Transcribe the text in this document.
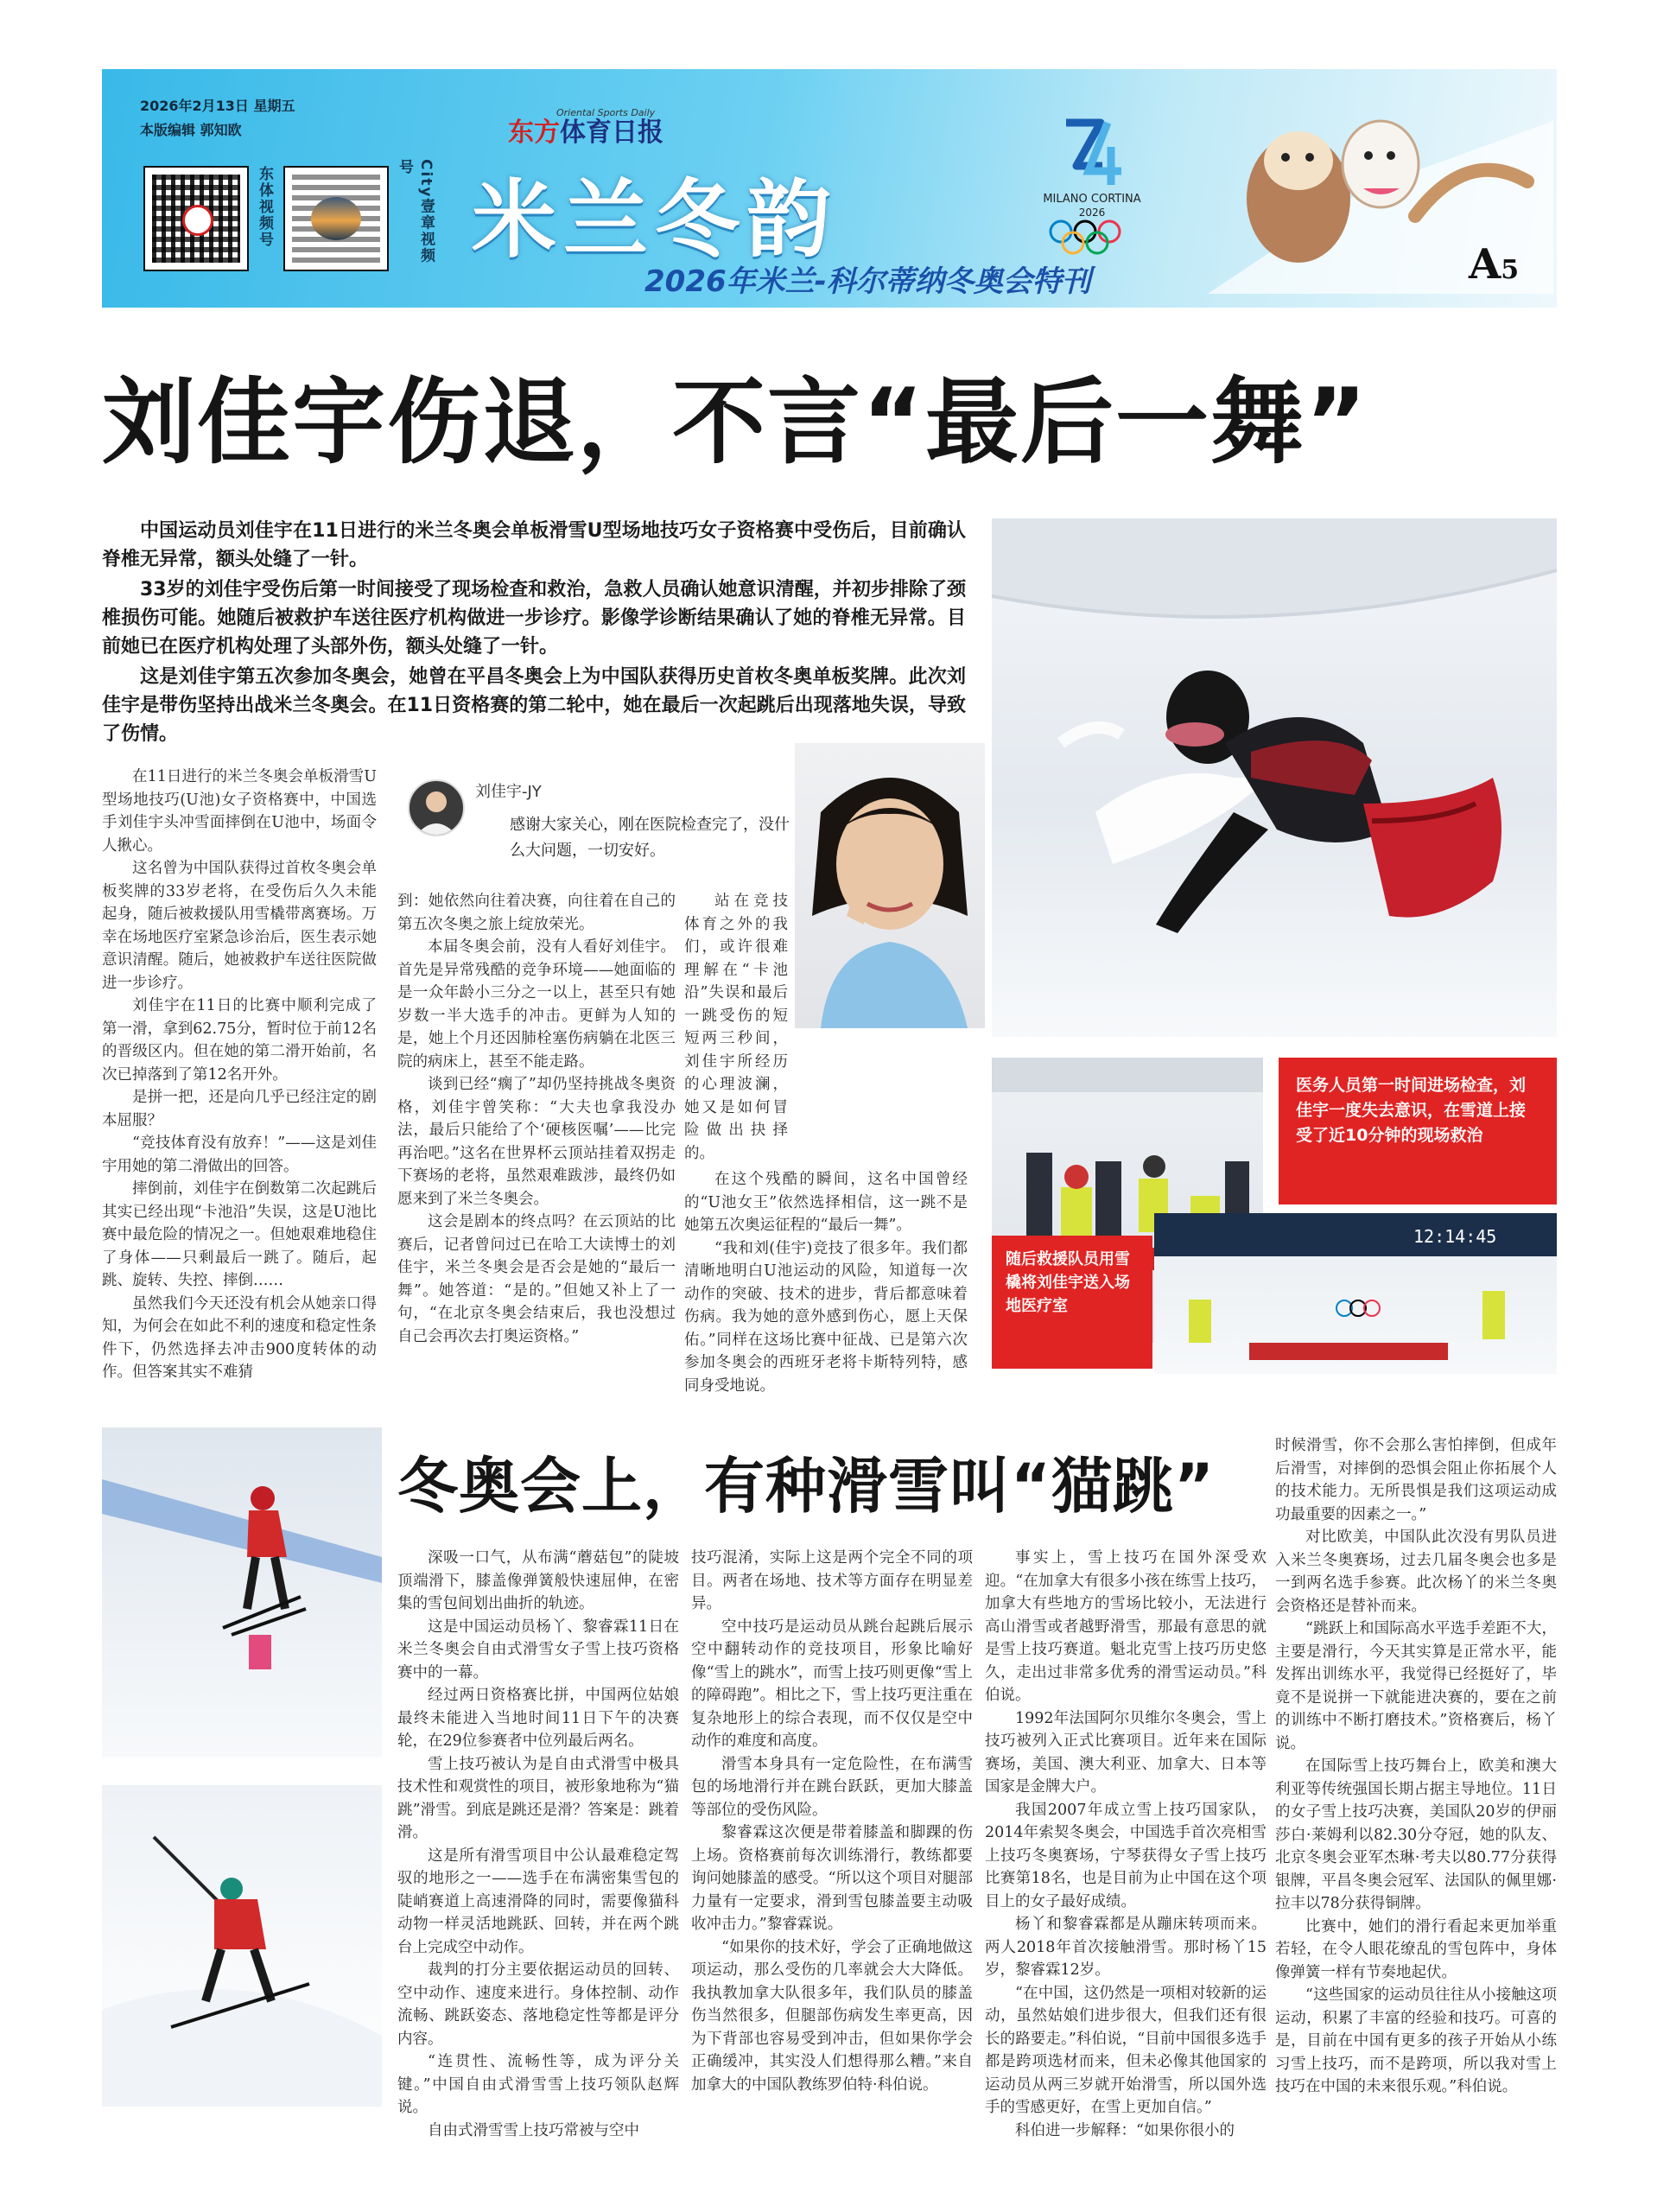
2026年2月13日 星期五
本版编辑 郭知欧
东体视频号	City壹章视频号
东方体育日报
Oriental Sports Daily
米兰冬韵
2026年米兰-科尔蒂纳冬奥会特刊
MILANO CORTINA
2026
A5
刘佳宇伤退，不言“最后一舞”

中国运动员刘佳宇在11日进行的米兰冬奥会单板滑雪U型场地技巧女子资格赛中受伤后，目前确认脊椎无异常，额头处缝了一针。

33岁的刘佳宇受伤后第一时间接受了现场检查和救治，急救人员确认她意识清醒，并初步排除了颈椎损伤可能。她随后被救护车送往医疗机构做进一步诊疗。影像学诊断结果确认了她的脊椎无异常。目前她已在医疗机构处理了头部外伤，额头处缝了一针。

这是刘佳宇第五次参加冬奥会，她曾在平昌冬奥会上为中国队获得历史首枚冬奥单板奖牌。此次刘佳宇是带伤坚持出战米兰冬奥会。在11日资格赛的第二轮中，她在最后一次起跳后出现落地失误，导致了伤情。

在11日进行的米兰冬奥会单板滑雪U型场地技巧(U池)女子资格赛中，中国选手刘佳宇头冲雪面摔倒在U池中，场面令人揪心。

这名曾为中国队获得过首枚冬奥会单板奖牌的33岁老将，在受伤后久久未能起身，随后被救援队用雪橇带离赛场。万幸在场地医疗室紧急诊治后，医生表示她意识清醒。随后，她被救护车送往医院做进一步诊疗。

刘佳宇在11日的比赛中顺利完成了第一滑，拿到62.75分，暂时位于前12名的晋级区内。但在她的第二滑开始前，名次已掉落到了第12名开外。

是拼一把，还是向几乎已经注定的剧本屈服？

“竞技体育没有放弃！”——这是刘佳宇用她的第二滑做出的回答。

摔倒前，刘佳宇在倒数第二次起跳后其实已经出现“卡池沿”失误，这是U池比赛中最危险的情况之一。但她艰难地稳住了身体——只剩最后一跳了。随后，起跳、旋转、失控、摔倒……

虽然我们今天还没有机会从她亲口得知，为何会在如此不利的速度和稳定性条件下，仍然选择去冲击900度转体的动作。但答案其实不难猜

刘佳宇-JY
感谢大家关心，刚在医院检查完了，没什么大问题，一切安好。

到：她依然向往着决赛，向往着在自己的第五次冬奥之旅上绽放荣光。

本届冬奥会前，没有人看好刘佳宇。首先是异常残酷的竞争环境——她面临的是一众年龄小三分之一以上，甚至只有她岁数一半大选手的冲击。更鲜为人知的是，她上个月还因肺栓塞伤病躺在北医三院的病床上，甚至不能走路。

谈到已经“瘸了”却仍坚持挑战冬奥资格，刘佳宇曾笑称：“大夫也拿我没办法，最后只能给了个‘硬核医嘱’——比完再治吧。”这名在世界杯云顶站挂着双拐走下赛场的老将，虽然艰难跋涉，最终仍如愿来到了米兰冬奥会。

这会是剧本的终点吗？在云顶站的比赛后，记者曾问过已在哈工大读博士的刘佳宇，米兰冬奥会是否会是她的“最后一舞”。她答道：“是的。”但她又补上了一句，“在北京冬奥会结束后，我也没想过自己会再次去打奥运资格。”

站在竞技体育之外的我们，或许很难理解在“卡池沿”失误和最后一跳受伤的短短两三秒间，刘佳宇所经历的心理波澜，她又是如何冒险做出抉择的。

在这个残酷的瞬间，这名中国曾经的“U池女王”依然选择相信，这一跳不是她第五次奥运征程的“最后一舞”。

“我和刘(佳宇)竞技了很多年。我们都清晰地明白U池运动的风险，知道每一次动作的突破、技术的进步，背后都意味着伤病。我为她的意外感到伤心，愿上天保佑。”同样在这场比赛中征战、已是第六次参加冬奥会的西班牙老将卡斯特列特，感同身受地说。

医务人员第一时间进场检查，刘佳宇一度失去意识，在雪道上接受了近10分钟的现场救治
随后救援队员用雪橇将刘佳宇送入场地医疗室
12:14:45
冬奥会上，有种滑雪叫“猫跳”

深吸一口气，从布满“蘑菇包”的陡坡顶端滑下，膝盖像弹簧般快速屈伸，在密集的雪包间划出曲折的轨迹。

这是中国运动员杨丫、黎睿霖11日在米兰冬奥会自由式滑雪女子雪上技巧资格赛中的一幕。

经过两日资格赛比拼，中国两位姑娘最终未能进入当地时间11日下午的决赛轮，在29位参赛者中位列最后两名。

雪上技巧被认为是自由式滑雪中极具技术性和观赏性的项目，被形象地称为“猫跳”滑雪。到底是跳还是滑？答案是：跳着滑。

这是所有滑雪项目中公认最难稳定驾驭的地形之一——选手在布满密集雪包的陡峭赛道上高速滑降的同时，需要像猫科动物一样灵活地跳跃、回转，并在两个跳台上完成空中动作。

裁判的打分主要依据运动员的回转、空中动作、速度来进行。身体控制、动作流畅、跳跃姿态、落地稳定性等都是评分内容。

“连贯性、流畅性等，成为评分关键。”中国自由式滑雪雪上技巧领队赵辉说。

自由式滑雪雪上技巧常被与空中

技巧混淆，实际上这是两个完全不同的项目。两者在场地、技术等方面存在明显差异。

空中技巧是运动员从跳台起跳后展示空中翻转动作的竞技项目，形象比喻好像“雪上的跳水”，而雪上技巧则更像“雪上的障碍跑”。相比之下，雪上技巧更注重在复杂地形上的综合表现，而不仅仅是空中动作的难度和高度。

滑雪本身具有一定危险性，在布满雪包的场地滑行并在跳台跃跃，更加大膝盖等部位的受伤风险。

黎睿霖这次便是带着膝盖和脚踝的伤上场。资格赛前每次训练滑行，教练都要询问她膝盖的感受。“所以这个项目对腿部力量有一定要求，滑到雪包膝盖要主动吸收冲击力。”黎睿霖说。

“如果你的技术好，学会了正确地做这项运动，那么受伤的几率就会大大降低。我执教加拿大队很多年，我们队员的膝盖伤当然很多，但腿部伤病发生率更高，因为下背部也容易受到冲击，但如果你学会正确缓冲，其实没人们想得那么糟。”来自加拿大的中国队教练罗伯特·科伯说。

事实上，雪上技巧在国外深受欢迎。“在加拿大有很多小孩在练雪上技巧，加拿大有些地方的雪场比较小，无法进行高山滑雪或者越野滑雪，那最有意思的就是雪上技巧赛道。魁北克雪上技巧历史悠久，走出过非常多优秀的滑雪运动员。”科伯说。

1992年法国阿尔贝维尔冬奥会，雪上技巧被列入正式比赛项目。近年来在国际赛场，美国、澳大利亚、加拿大、日本等国家是金牌大户。

我国2007年成立雪上技巧国家队，2014年索契冬奥会，中国选手首次亮相雪上技巧冬奥赛场，宁琴获得女子雪上技巧比赛第18名，也是目前为止中国在这个项目上的女子最好成绩。

杨丫和黎睿霖都是从蹦床转项而来。两人2018年首次接触滑雪。那时杨丫15岁，黎睿霖12岁。

“在中国，这仍然是一项相对较新的运动，虽然姑娘们进步很大，但我们还有很长的路要走。”科伯说，“目前中国很多选手都是跨项选材而来，但未必像其他国家的运动员从两三岁就开始滑雪，所以国外选手的雪感更好，在雪上更加自信。”

科伯进一步解释：“如果你很小的

时候滑雪，你不会那么害怕摔倒，但成年后滑雪，对摔倒的恐惧会阻止你拓展个人的技术能力。无所畏惧是我们这项运动成功最重要的因素之一。”

对比欧美，中国队此次没有男队员进入米兰冬奥赛场，过去几届冬奥会也多是一到两名选手参赛。此次杨丫的米兰冬奥会资格还是替补而来。

“跳跃上和国际高水平选手差距不大，主要是滑行，今天其实算是正常水平，能发挥出训练水平，我觉得已经挺好了，毕竟不是说拼一下就能进决赛的，要在之前的训练中不断打磨技术。”资格赛后，杨丫说。

在国际雪上技巧舞台上，欧美和澳大利亚等传统强国长期占据主导地位。11日的女子雪上技巧决赛，美国队20岁的伊丽莎白·莱姆利以82.30分夺冠，她的队友、北京冬奥会亚军杰琳·考夫以80.77分获得银牌，平昌冬奥会冠军、法国队的佩里娜·拉丰以78分获得铜牌。

比赛中，她们的滑行看起来更加举重若轻，在令人眼花缭乱的雪包阵中，身体像弹簧一样有节奏地起伏。

“这些国家的运动员往往从小接触这项运动，积累了丰富的经验和技巧。可喜的是，目前在中国有更多的孩子开始从小练习雪上技巧，而不是跨项，所以我对雪上技巧在中国的未来很乐观。”科伯说。
